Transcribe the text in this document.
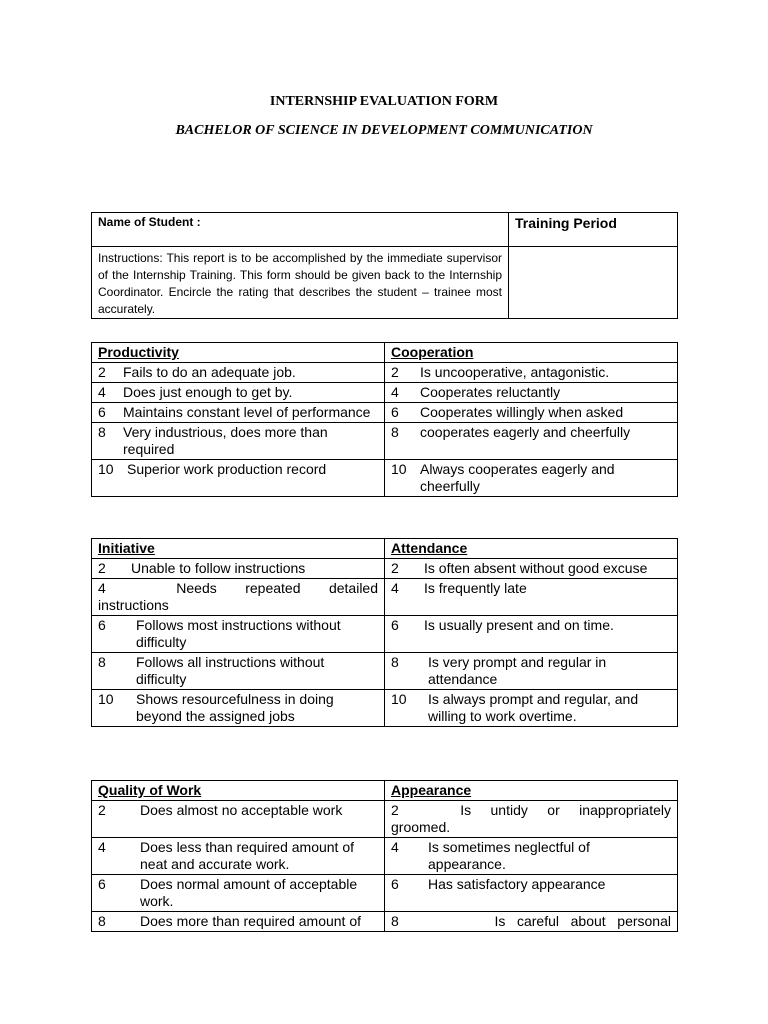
INTERNSHIP EVALUATION FORM
BACHELOR OF SCIENCE IN DEVELOPMENT COMMUNICATION
Name of Student :	Training Period
Instructions: This report is to be accomplished by the immediate supervisor of the Internship Training. This form should be given back to the Internship Coordinator. Encircle the rating that describes the student – trainee most accurately.	
Productivity	Cooperation

2 Fails to do an adequate job.	2 Is uncooperative, antagonistic.

4 Does just enough to get by.	4 Cooperates reluctantly

6 Maintains constant level of performance	6 Cooperates willingly when asked

8 Very industrious, does more than required	8 cooperates eagerly and cheerfully

10 Superior work production record	10 Always cooperates eagerly and cheerfully
Initiative	Attendance

2 Unable to follow instructions	2 Is often absent without good excuse

4    Needs repeated detailed instructions	4 Is frequently late

6 Follows most instructions without difficulty	6 Is usually present and on time.

8 Follows all instructions without difficulty	8 Is very prompt and regular in attendance

10 Shows resourcefulness in doing beyond the assigned jobs	10 Is always prompt and regular, and willing to work overtime.
Quality of Work	Appearance

2 Does almost no acceptable work	2    Is untidy or inappropriately groomed.

4 Does less than required amount of neat and accurate work.	4 Is sometimes neglectful of appearance.

6 Does normal amount of acceptable work.	6 Has satisfactory appearance

8 Does more than required amount of	8       Is careful about personal
